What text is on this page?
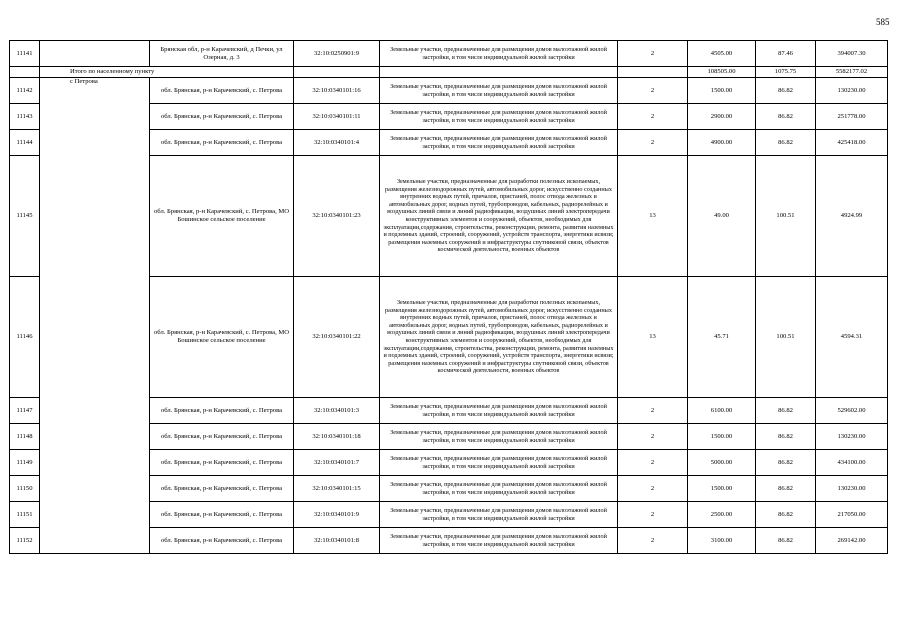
585
11141		Брянская обл, р-н Карачевский, д Печки, ул Озерная, д. 3	32:10:0250901:9	Земельные участки, предназначенные для размещения домов малоэтажной жилой застройки, в том числе индивидуальной жилой застройки	2	4505.00	87.46	394007.30
	Итого по населенному пункту					108505.00	1075.75	5582177.02
11142	с Петрова	обл. Брянская, р-н Карачевский, с. Петрова	32:10:0340101:16	Земельные участки, предназначенные для размещения домов малоэтажной жилой застройки, в том числе индивидуальной жилой застройки	2	1500.00	86.82	130230.00
11143		обл. Брянская, р-н Карачевский, с. Петрова	32:10:0340101:11	Земельные участки, предназначенные для размещения домов малоэтажной жилой застройки, в том числе индивидуальной жилой застройки	2	2900.00	86.82	251778.00
11144		обл. Брянская, р-н Карачевский, с. Петрова	32:10:0340101:4	Земельные участки, предназначенные для размещения домов малоэтажной жилой застройки, в том числе индивидуальной жилой застройки	2	4900.00	86.82	425418.00
11145		обл. Брянская, р-н Карачевский, с. Петрова, МО Бошинское сельское поселение	32:10:0340101:23	Земельные участки, предназначенные для разработки полезных ископаемых, размещения железнодорожных путей, автомобильных дорог, искусственно созданных внутренних водных путей, причалов, пристаней, полос отвода железных и автомобильных дорог, водных путей, трубопроводов, кабельных, радиорелейных и воздушных линий связи и линий радиофикации, воздушных линий электропередачи конструктивных элементов и сооружений, объектов, необходимых для эксплуатации,содержания, строительства, реконструкции, ремонта, развития наземных и подземных зданий, строений, сооружений, устройств транспорта, энергетики исвязи; размещения наземных сооружений и инфраструктуры спутниковой связи, объектов космической деятельности, военных объектов	13	49.00	100.51	4924.99
11146		обл. Брянская, р-н Карачевский, с. Петрова, МО Бошинское сельское поселение	32:10:0340101:22	Земельные участки, предназначенные для разработки полезных ископаемых, размещения железнодорожных путей, автомобильных дорог, искусственно созданных внутренних водных путей, причалов, пристаней, полос отвода железных и автомобильных дорог, водных путей, трубопроводов, кабельных, радиорелейных и воздушных линий связи и линий радиофикации, воздушных линий электропередачи конструктивных элементов и сооружений, объектов, необходимых для эксплуатации,содержания, строительства, реконструкции, ремонта, развития наземных и подземных зданий, строений, сооружений, устройств транспорта, энергетики исвязи; размещения наземных сооружений и инфраструктуры спутниковой связи, объектов космической деятельности, военных объектов	13	45.71	100.51	4594.31
11147		обл. Брянская, р-н Карачевский, с. Петрова	32:10:0340101:3	Земельные участки, предназначенные для размещения домов малоэтажной жилой застройки, в том числе индивидуальной жилой застройки	2	6100.00	86.82	529602.00
11148		обл. Брянская, р-н Карачевский, с. Петрова	32:10:0340101:18	Земельные участки, предназначенные для размещения домов малоэтажной жилой застройки, в том числе индивидуальной жилой застройки	2	1500.00	86.82	130230.00
11149		обл. Брянская, р-н Карачевский, с. Петрова	32:10:0340101:7	Земельные участки, предназначенные для размещения домов малоэтажной жилой застройки, в том числе индивидуальной жилой застройки	2	5000.00	86.82	434100.00
11150		обл. Брянская, р-н Карачевский, с. Петрова	32:10:0340101:15	Земельные участки, предназначенные для размещения домов малоэтажной жилой застройки, в том числе индивидуальной жилой застройки	2	1500.00	86.82	130230.00
11151		обл. Брянская, р-н Карачевский, с. Петрова	32:10:0340101:9	Земельные участки, предназначенные для размещения домов малоэтажной жилой застройки, в том числе индивидуальной жилой застройки	2	2500.00	86.82	217050.00
11152		обл. Брянская, р-н Карачевский, с. Петрова	32:10:0340101:8	Земельные участки, предназначенные для размещения домов малоэтажной жилой застройки, в том числе индивидуальной жилой застройки	2	3100.00	86.82	269142.00
